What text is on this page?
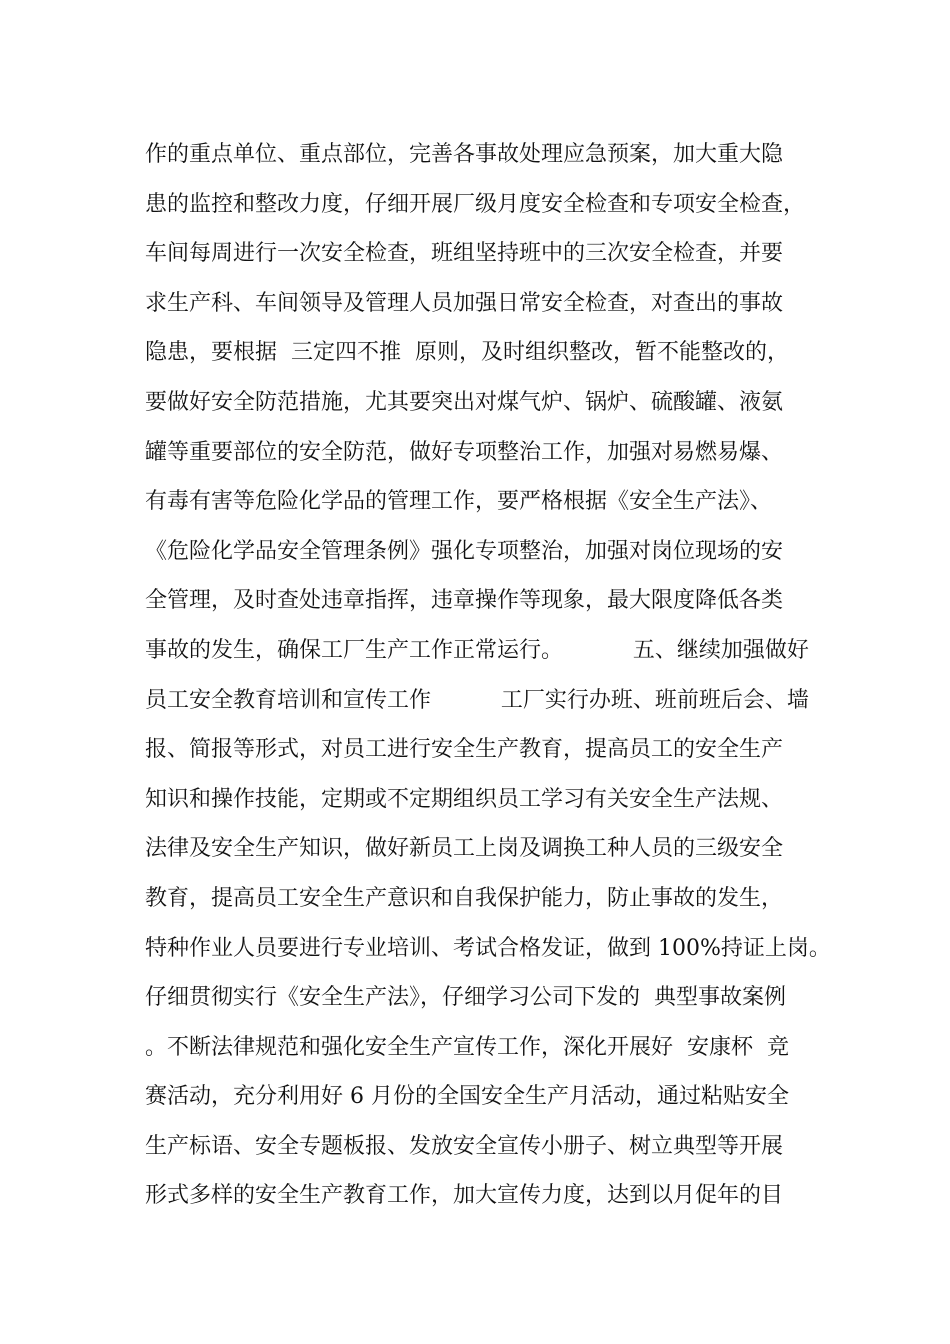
作的重点单位、重点部位，完善各事故处理应急预案，加大重大隐
患的监控和整改力度，仔细开展厂级月度安全检查和专项安全检查，
车间每周进行一次安全检查，班组坚持班中的三次安全检查，并要
求生产科、车间领导及管理人员加强日常安全检查，对查出的事故
隐患，要根据  三定四不推  原则，及时组织整改，暂不能整改的，
要做好安全防范措施，尤其要突出对煤气炉、锅炉、硫酸罐、液氨
罐等重要部位的安全防范，做好专项整治工作，加强对易燃易爆、
有毒有害等危险化学品的管理工作，要严格根据《安全生产法》、
《危险化学品安全管理条例》强化专项整治，加强对岗位现场的安
全管理，及时查处违章指挥，违章操作等现象，最大限度降低各类
事故的发生，确保工厂生产工作正常运行。          五、继续加强做好
员工安全教育培训和宣传工作          工厂实行办班、班前班后会、墙
报、简报等形式，对员工进行安全生产教育，提高员工的安全生产
知识和操作技能，定期或不定期组织员工学习有关安全生产法规、
法律及安全生产知识，做好新员工上岗及调换工种人员的三级安全
教育，提高员工安全生产意识和自我保护能力，防止事故的发生，
特种作业人员要进行专业培训、考试合格发证，做到 100%持证上岗。
仔细贯彻实行《安全生产法》，仔细学习公司下发的  典型事故案例
。不断法律规范和强化安全生产宣传工作，深化开展好  安康杯  竞
赛活动，充分利用好 6 月份的全国安全生产月活动，通过粘贴安全
生产标语、安全专题板报、发放安全宣传小册子、树立典型等开展
形式多样的安全生产教育工作，加大宣传力度，达到以月促年的目
